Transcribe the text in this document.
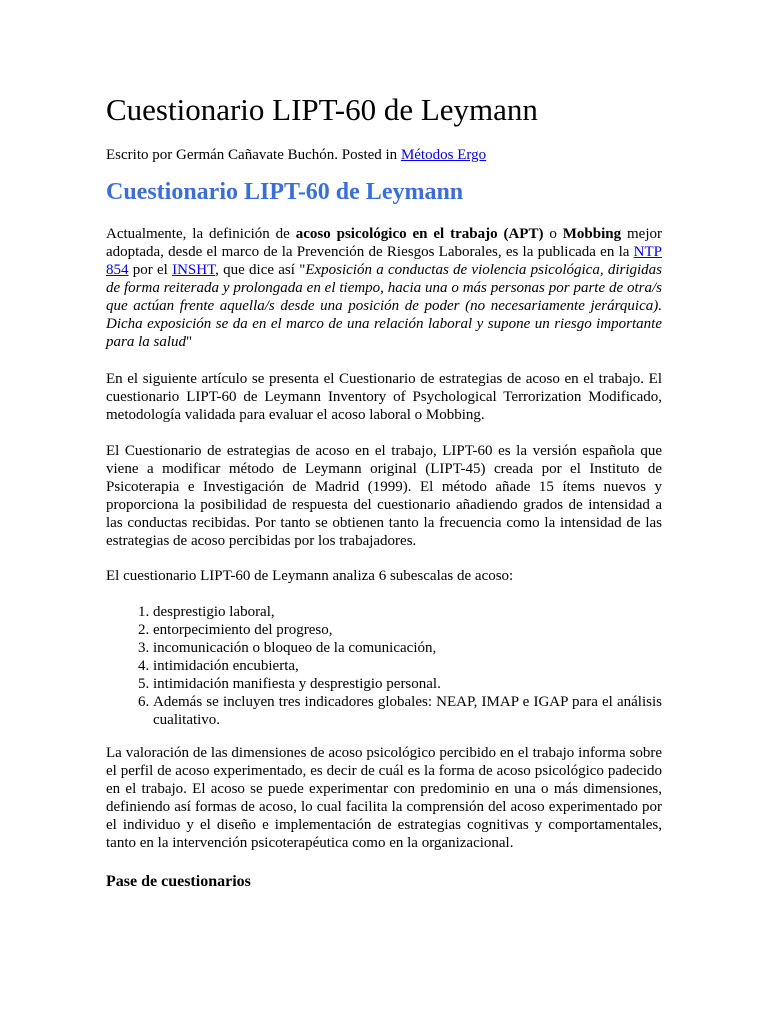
Cuestionario LIPT-60 de Leymann

Escrito por Germán Cañavate Buchón. Posted in Métodos Ergo

Cuestionario LIPT-60 de Leymann

Actualmente, la definición de acoso psicológico en el trabajo (APT) o Mobbing mejor adoptada, desde el marco de la Prevención de Riesgos Laborales, es la publicada en la NTP 854 por el INSHT, que dice así "Exposición a conductas de violencia psicológica, dirigidas de forma reiterada y prolongada en el tiempo, hacia una o más personas por parte de otra/s que actúan frente aquella/s desde una posición de poder (no necesariamente jerárquica). Dicha exposición se da en el marco de una relación laboral y supone un riesgo importante para la salud"

En el siguiente artículo se presenta el Cuestionario de estrategias de acoso en el trabajo. El cuestionario LIPT-60 de Leymann Inventory of Psychological Terrorization Modificado, metodología validada para evaluar el acoso laboral o Mobbing.

El Cuestionario de estrategias de acoso en el trabajo, LIPT-60 es la versión española que viene a modificar método de Leymann original (LIPT-45) creada por el Instituto de Psicoterapia e Investigación de Madrid (1999). El método añade 15 ítems nuevos y proporciona la posibilidad de respuesta del cuestionario añadiendo grados de intensidad a las conductas recibidas. Por tanto se obtienen tanto la frecuencia como la intensidad de las estrategias de acoso percibidas por los trabajadores.

El cuestionario LIPT-60 de Leymann analiza 6 subescalas de acoso:

1. desprestigio laboral,
2. entorpecimiento del progreso,
3. incomunicación o bloqueo de la comunicación,
4. intimidación encubierta,
5. intimidación manifiesta y desprestigio personal.
6. Además se incluyen tres indicadores globales: NEAP, IMAP e IGAP para el análisis cualitativo.

La valoración de las dimensiones de acoso psicológico percibido en el trabajo informa sobre el perfil de acoso experimentado, es decir de cuál es la forma de acoso psicológico padecido en el trabajo. El acoso se puede experimentar con predominio en una o más dimensiones, definiendo así formas de acoso, lo cual facilita la comprensión del acoso experimentado por el individuo y el diseño e implementación de estrategias cognitivas y comportamentales, tanto en la intervención psicoterapéutica como en la organizacional.

Pase de cuestionarios
